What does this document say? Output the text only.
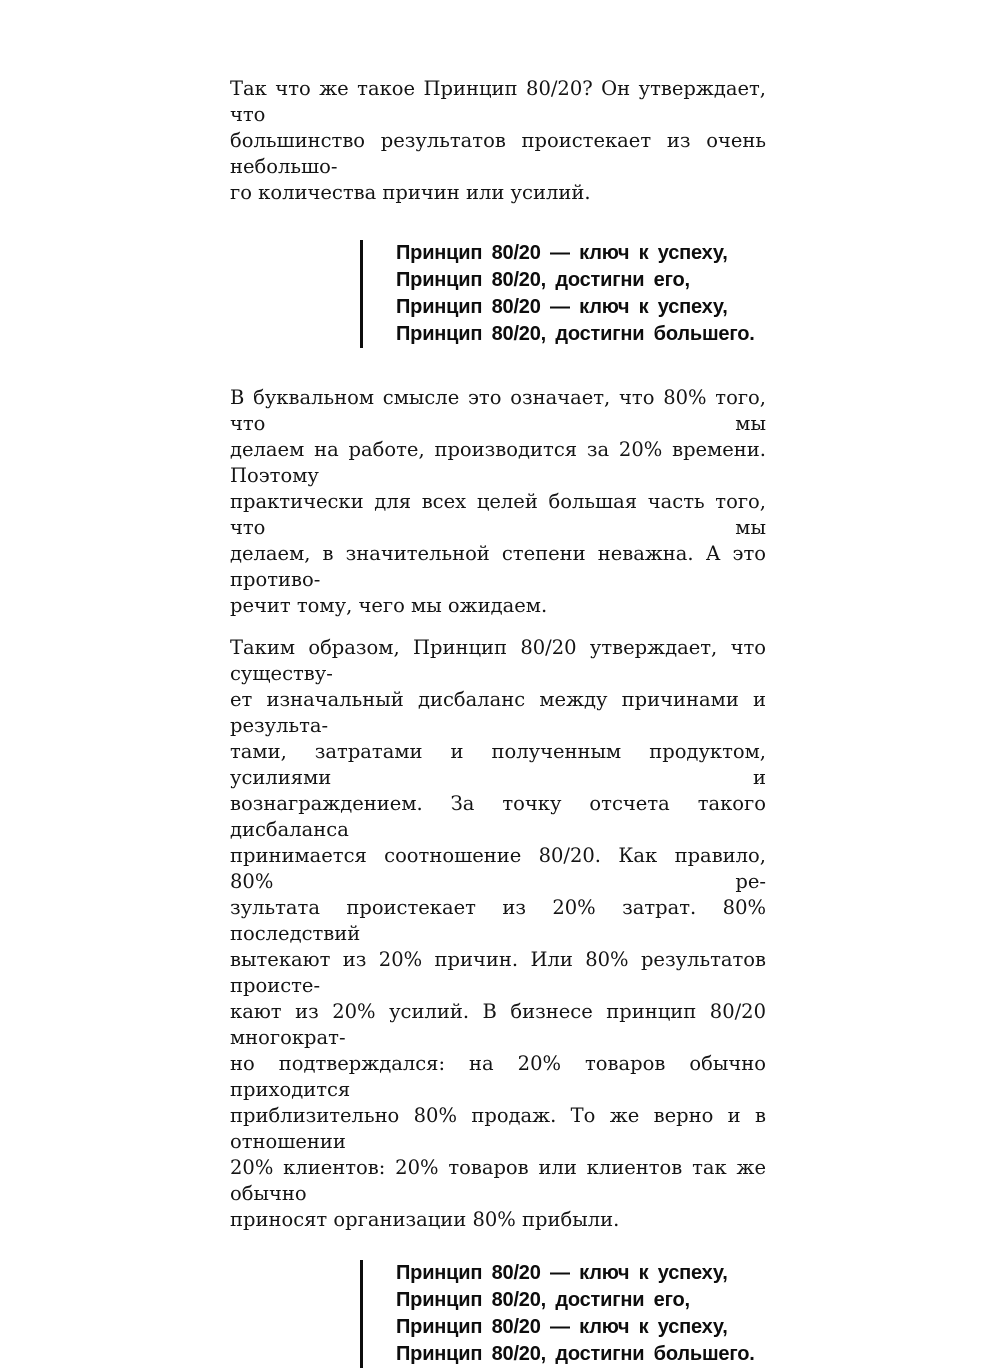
Так что же такое Принцип 80/20? Он утверждает, что
большинство результатов проистекает из очень небольшо-
го количества причин или усилий.
Принцип 80/20 — ключ к успеху,
Принцип 80/20, достигни его,
Принцип 80/20 — ключ к успеху,
Принцип 80/20, достигни большего.
В буквальном смысле это означает, что 80% того, что мы
делаем на работе, производится за 20% времени. Поэтому
практически для всех целей большая часть того, что мы
делаем, в значительной степени неважна. А это противо-
речит тому, чего мы ожидаем.
Таким образом, Принцип 80/20 утверждает, что существу-
ет изначальный дисбаланс между причинами и результа-
тами, затратами и полученным продуктом, усилиями и
вознаграждением. За точку отсчета такого дисбаланса
принимается соотношение 80/20. Как правило, 80% ре-
зультата проистекает из 20% затрат. 80% последствий
вытекают из 20% причин. Или 80% результатов происте-
кают из 20% усилий. В бизнесе принцип 80/20 многократ-
но подтверждался: на 20% товаров обычно приходится
приблизительно 80% продаж. То же верно и в отношении
20% клиентов: 20% товаров или клиентов так же обычно
приносят организации 80% прибыли.
Принцип 80/20 — ключ к успеху,
Принцип 80/20, достигни его,
Принцип 80/20 — ключ к успеху,
Принцип 80/20, достигни большего.
